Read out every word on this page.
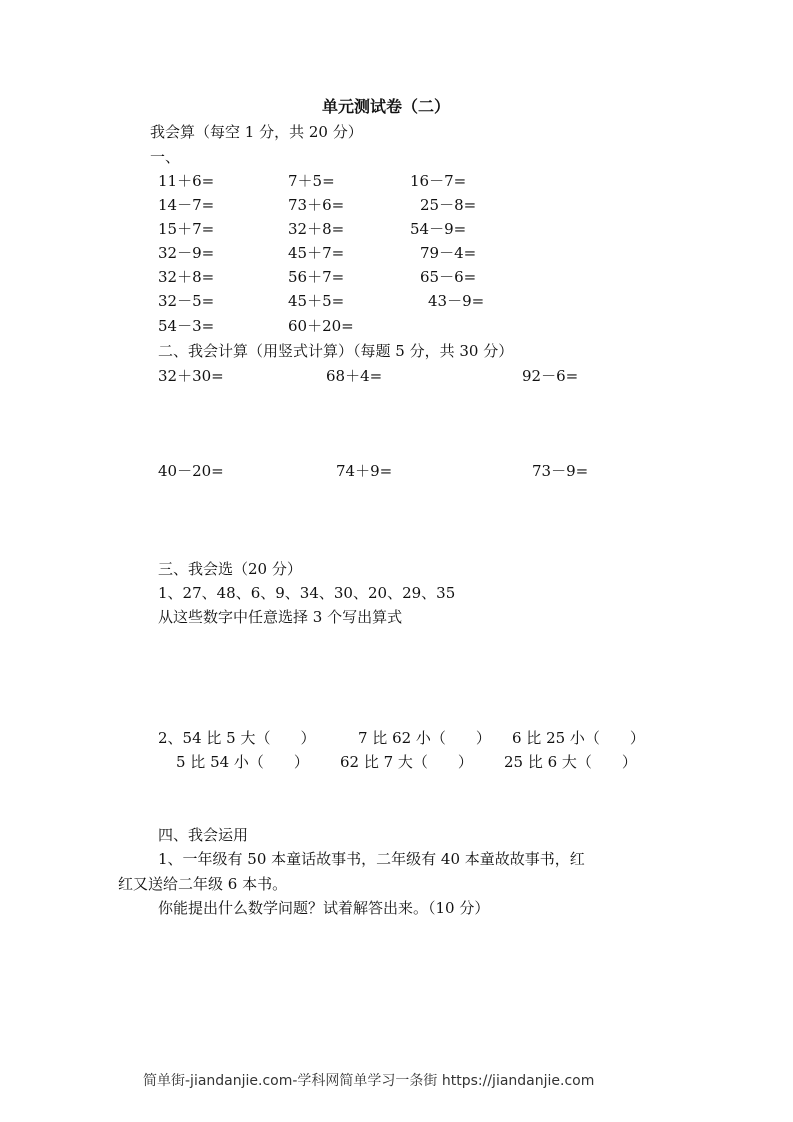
单元测试卷（二）
我会算（每空 1 分，共 20 分）
一、
11＋6=	7＋5=	16－7=
14－7=	73＋6=	25－8=
15＋7=	32＋8=	54－9=
32－9=	45＋7=	79－4=
32＋8=	56＋7=	65－6=
32－5=	45＋5=	43－9=
54－3=	60＋20=
二、我会计算（用竖式计算）（每题 5 分，共 30 分）
32＋30=	68＋4=	92－6=
40－20=	74＋9=	73－9=
三、我会选（20 分）
1、27、48、6、9、34、30、20、29、35
从这些数字中任意选择 3 个写出算式
2、54 比 5 大（　　）	7 比 62 小（　　） 6 比 25 小（　　）
5 比 54 小（　　） 62 比 7 大（　　） 25 比 6 大（　　）
四、我会运用
1、一年级有 50 本童话故事书，二年级有 40 本童故故事书，红
红又送给二年级 6 本书。
你能提出什么数学问题？试着解答出来。（10 分）
简单街-jiandanjie.com-学科网简单学习一条街 https://jiandanjie.com
